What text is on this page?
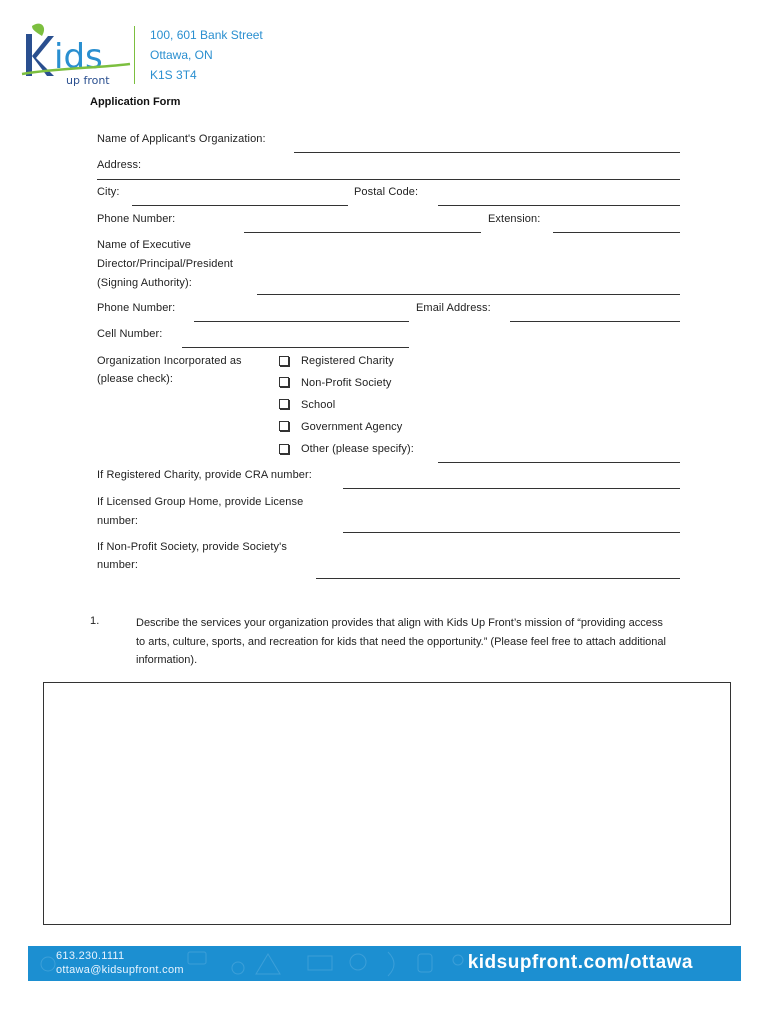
ids
up front
100, 601 Bank Street
Ottawa, ON
K1S 3T4
Application Form
Name of Applicant's Organization:
Address:
City:	Postal Code:
Phone Number:	Extension:
Name of Executive
Director/Principal/President
(Signing Authority):
Phone Number:	Email Address:
Cell Number:
Organization Incorporated as
(please check):
Registered Charity
Non-Profit Society
School
Government Agency
Other (please specify):
If Registered Charity, provide CRA number:
If Licensed Group Home, provide License
number:
If Non-Profit Society, provide Society's
number:
1.	Describe the services your organization provides that align with Kids Up Front’s mission of “providing access to arts, culture, sports, and recreation for kids that need the opportunity.” (Please feel free to attach additional information).
613.230.1111
ottawa@kidsupfront.com	kidsupfront.com/ottawa
